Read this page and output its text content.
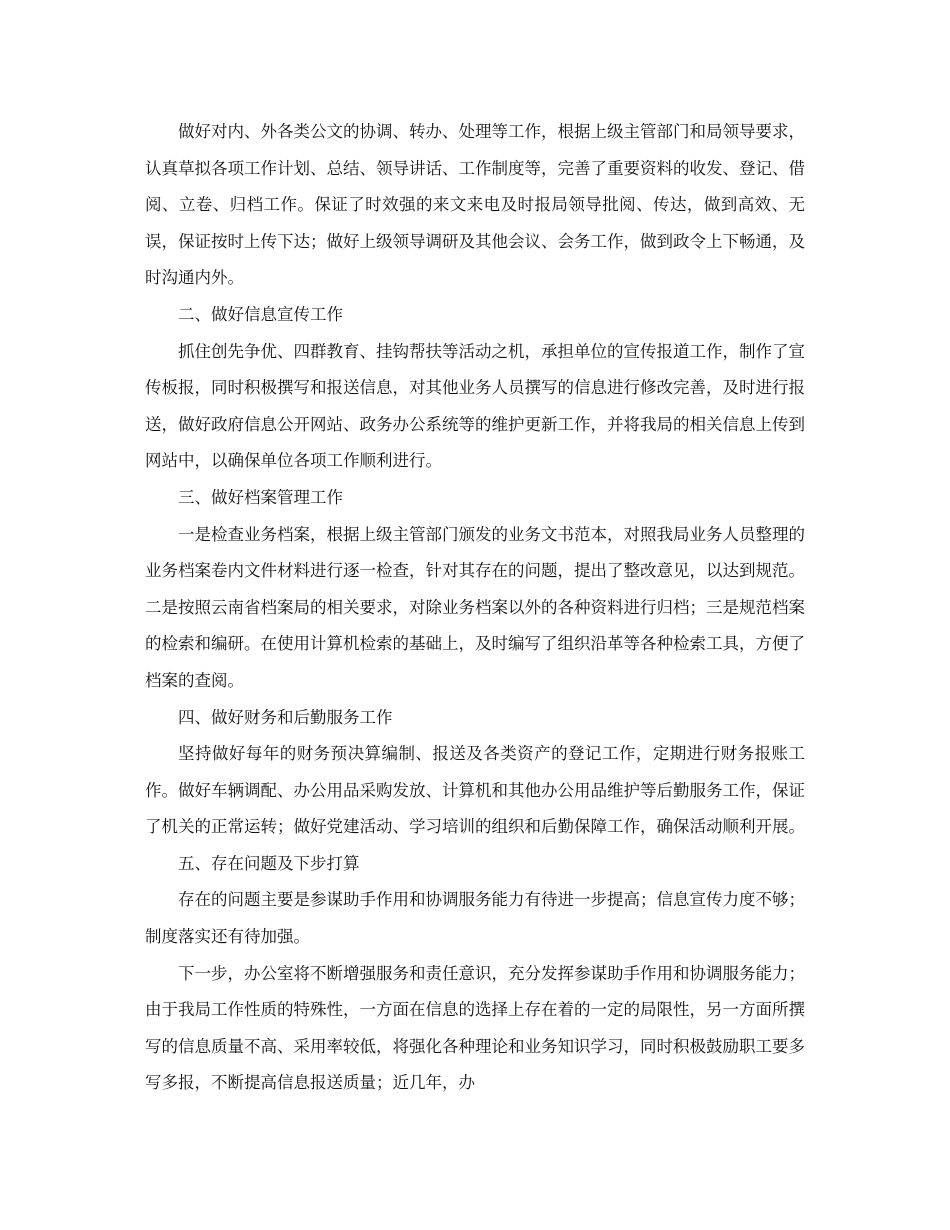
做好对内、外各类公文的协调、转办、处理等工作，根据上级主管部门和局领导要求，认真草拟各项工作计划、总结、领导讲话、工作制度等，完善了重要资料的收发、登记、借阅、立卷、归档工作。保证了时效强的来文来电及时报局领导批阅、传达，做到高效、无误，保证按时上传下达；做好上级领导调研及其他会议、会务工作，做到政令上下畅通，及时沟通内外。

二、做好信息宣传工作

抓住创先争优、四群教育、挂钩帮扶等活动之机，承担单位的宣传报道工作，制作了宣传板报，同时积极撰写和报送信息，对其他业务人员撰写的信息进行修改完善，及时进行报送，做好政府信息公开网站、政务办公系统等的维护更新工作，并将我局的相关信息上传到网站中，以确保单位各项工作顺利进行。

三、做好档案管理工作

一是检查业务档案，根据上级主管部门颁发的业务文书范本，对照我局业务人员整理的业务档案卷内文件材料进行逐一检查，针对其存在的问题，提出了整改意见，以达到规范。二是按照云南省档案局的相关要求，对除业务档案以外的各种资料进行归档；三是规范档案的检索和编研。在使用计算机检索的基础上，及时编写了组织沿革等各种检索工具，方便了档案的查阅。

四、做好财务和后勤服务工作

坚持做好每年的财务预决算编制、报送及各类资产的登记工作，定期进行财务报账工作。做好车辆调配、办公用品采购发放、计算机和其他办公用品维护等后勤服务工作，保证了机关的正常运转；做好党建活动、学习培训的组织和后勤保障工作，确保活动顺利开展。

五、存在问题及下步打算

存在的问题主要是参谋助手作用和协调服务能力有待进一步提高；信息宣传力度不够；制度落实还有待加强。

下一步，办公室将不断增强服务和责任意识，充分发挥参谋助手作用和协调服务能力；由于我局工作性质的特殊性，一方面在信息的选择上存在着的一定的局限性，另一方面所撰写的信息质量不高、采用率较低，将强化各种理论和业务知识学习，同时积极鼓励职工要多写多报，不断提高信息报送质量；近几年，办
